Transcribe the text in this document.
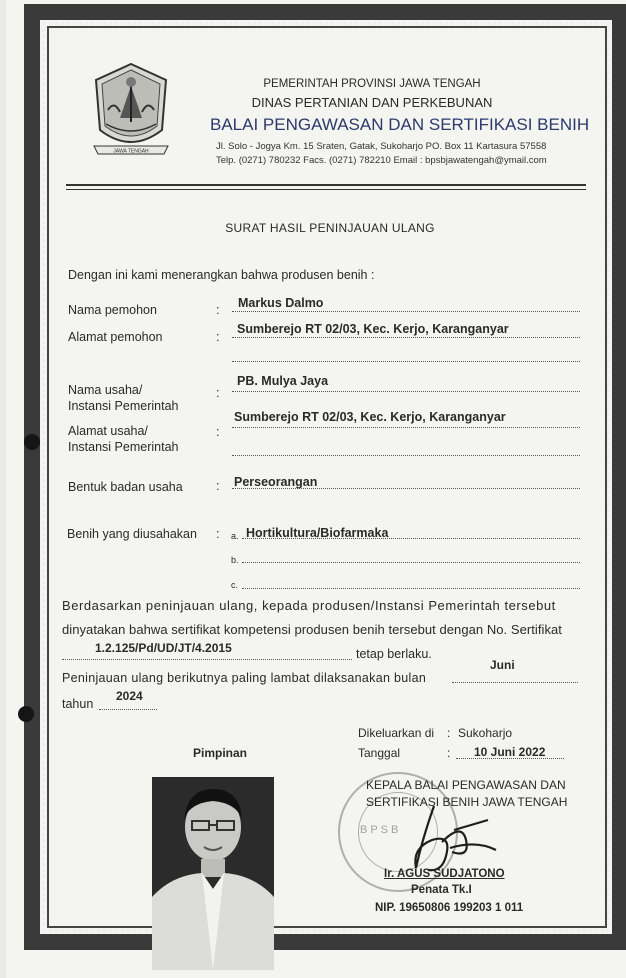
JAWA TENGAH
PEMERINTAH PROVINSI JAWA TENGAH
DINAS PERTANIAN DAN PERKEBUNAN
BALAI PENGAWASAN DAN SERTIFIKASI BENIH
Jl. Solo - Jogya Km. 15 Sraten, Gatak, Sukoharjo PO. Box 11 Kartasura 57558
Telp. (0271) 780232 Facs. (0271) 782210 Email : bpsbjawatengah@ymail.com
SURAT HASIL PENINJAUAN ULANG
Dengan ini kami menerangkan bahwa produsen benih :
Nama pemohon	: Markus Dalmo
Alamat pemohon	:
Sumberejo RT 02/03, Kec. Kerjo, Karanganyar
Nama usaha/
Instansi Pemerintah
:
PB. Mulya Jaya
Alamat usaha/
Instansi Pemerintah
:
Sumberejo RT 02/03, Kec. Kerjo, Karanganyar
Bentuk badan usaha	: Perseorangan
Benih yang diusahakan : a. Hortikultura/Biofarmaka
b.
c.
Berdasarkan peninjauan ulang, kepada produsen/Instansi Pemerintah tersebut
dinyatakan bahwa sertifikat kompetensi produsen benih tersebut dengan No. Sertifikat
1.2.125/Pd/UD/JT/4.2015	tetap berlaku.
Peninjauan ulang berikutnya paling lambat dilaksanakan bulan
Juni
tahun
2024
Dikeluarkan di : Sukoharjo
Tanggal	: 10 Juni 2022
Pimpinan
BPSB
KEPALA BALAI PENGAWASAN DAN
SERTIFIKASI BENIH JAWA TENGAH
Ir. AGUS SUDJATONO
Penata Tk.I
NIP. 19650806 199203 1 011
